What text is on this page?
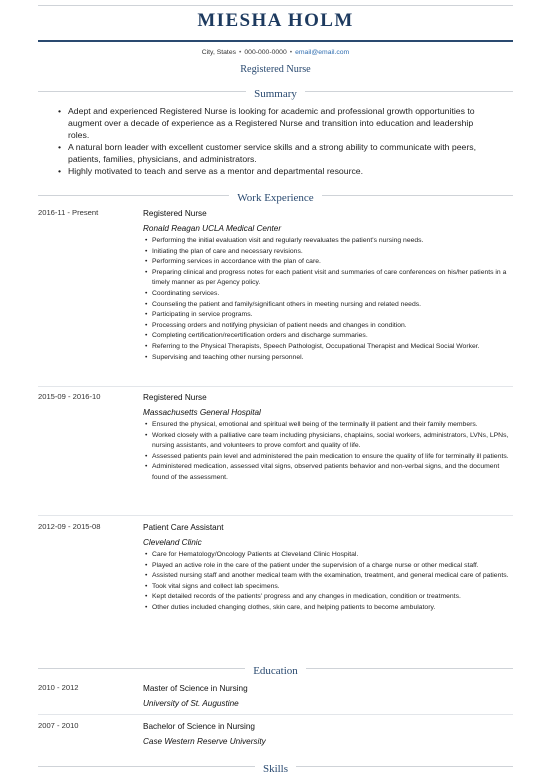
MIESHA HOLM
City, States • 000-000-0000 • email@email.com
Registered Nurse
Summary
• Adept and experienced Registered Nurse is looking for academic and professional growth opportunities to augment over a decade of experience as a Registered Nurse and transition into education and leadership roles.
• A natural born leader with excellent customer service skills and a strong ability to communicate with peers, patients, families, physicians, and administrators.
• Highly motivated to teach and serve as a mentor and departmental resource.
Work Experience
2016-11 - Present	Registered Nurse
Ronald Reagan UCLA Medical Center
• Performing the initial evaluation visit and regularly reevaluates the patient's nursing needs.
• Initiating the plan of care and necessary revisions.
• Performing services in accordance with the plan of care.
• Preparing clinical and progress notes for each patient visit and summaries of care conferences on his/her patients in a timely manner as per Agency policy.
• Coordinating services.
• Counseling the patient and family/significant others in meeting nursing and related needs.
• Participating in service programs.
• Processing orders and notifying physician of patient needs and changes in condition.
• Completing certification/recertification orders and discharge summaries.
• Referring to the Physical Therapists, Speech Pathologist, Occupational Therapist and Medical Social Worker.
• Supervising and teaching other nursing personnel.
2015-09 - 2016-10	Registered Nurse
Massachusetts General Hospital
• Ensured the physical, emotional and spiritual well being of the terminally ill patient and their family members.
• Worked closely with a palliative care team including physicians, chaplains, social workers, administrators, LVNs, LPNs, nursing assistants, and volunteers to prove comfort and quality of life.
• Assessed patients pain level and administered the pain medication to ensure the quality of life for terminally ill patients.
• Administered medication, assessed vital signs, observed patients behavior and non-verbal signs, and the document found of the assessment.
2012-09 - 2015-08	Patient Care Assistant
Cleveland Clinic
• Care for Hematology/Oncology Patients at Cleveland Clinic Hospital.
• Played an active role in the care of the patient under the supervision of a charge nurse or other medical staff.
• Assisted nursing staff and another medical team with the examination, treatment, and general medical care of patients.
• Took vital signs and collect lab specimens.
• Kept detailed records of the patients' progress and any changes in medication, condition or treatments.
• Other duties included changing clothes, skin care, and helping patients to become ambulatory.
Education
2010 - 2012	Master of Science in Nursing
University of St. Augustine
2007 - 2010	Bachelor of Science in Nursing
Case Western Reserve University
Skills
